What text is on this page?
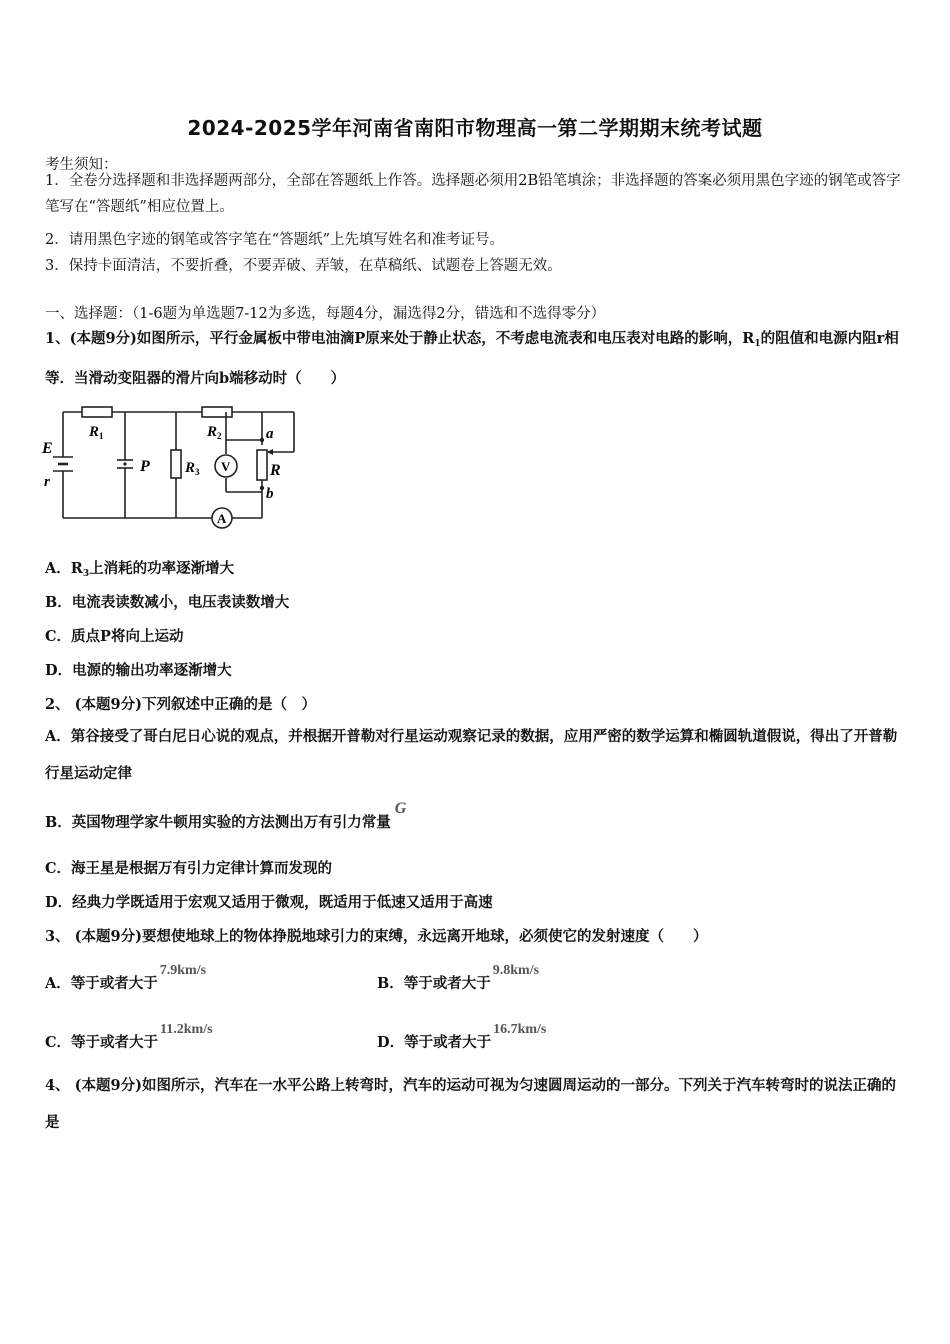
2024-2025学年河南省南阳市物理高一第二学期期末统考试题
考生须知：
1．全卷分选择题和非选择题两部分，全部在答题纸上作答。选择题必须用2B铅笔填涂；非选择题的答案必须用黑色字迹的钢笔或答字笔写在“答题纸”相应位置上。
2．请用黑色字迹的钢笔或答字笔在“答题纸”上先填写姓名和准考证号。
3．保持卡面清洁，不要折叠，不要弄破、弄皱，在草稿纸、试题卷上答题无效。
一、选择题：（1-6题为单选题7-12为多选，每题4分，漏选得2分，错选和不选得零分）
1、(本题9分)如图所示，平行金属板中带电油滴P原来处于静止状态，不考虑电流表和电压表对电路的影响，$R_1$的阻值和电源内阻r相等．当滑动变阻器的滑片向b端移动时（　　）
E
r
$R_1$	$R_2$
P $R_3$ V
A
R
a
b
A．$R_3$上消耗的功率逐渐增大
B．电流表读数减小，电压表读数增大
C．质点P将向上运动
D．电源的输出功率逐渐增大
2、 (本题9分)下列叙述中正确的是（　）
A．第谷接受了哥白尼日心说的观点，并根据开普勒对行星运动观察记录的数据，应用严密的数学运算和椭圆轨道假说，得出了开普勒行星运动定律
B．英国物理学家牛顿用实验的方法测出万有引力常量G
C．海王星是根据万有引力定律计算而发现的
D．经典力学既适用于宏观又适用于微观，既适用于低速又适用于高速
3、 (本题9分)要想使地球上的物体挣脱地球引力的束缚，永远离开地球，必须使它的发射速度（　　）
A．等于或者大于7.9km/s
B．等于或者大于9.8km/s
C．等于或者大于11.2km/s
D．等于或者大于16.7km/s
4、 (本题9分)如图所示，汽车在一水平公路上转弯时，汽车的运动可视为匀速圆周运动的一部分。下列关于汽车转弯时的说法正确的是
